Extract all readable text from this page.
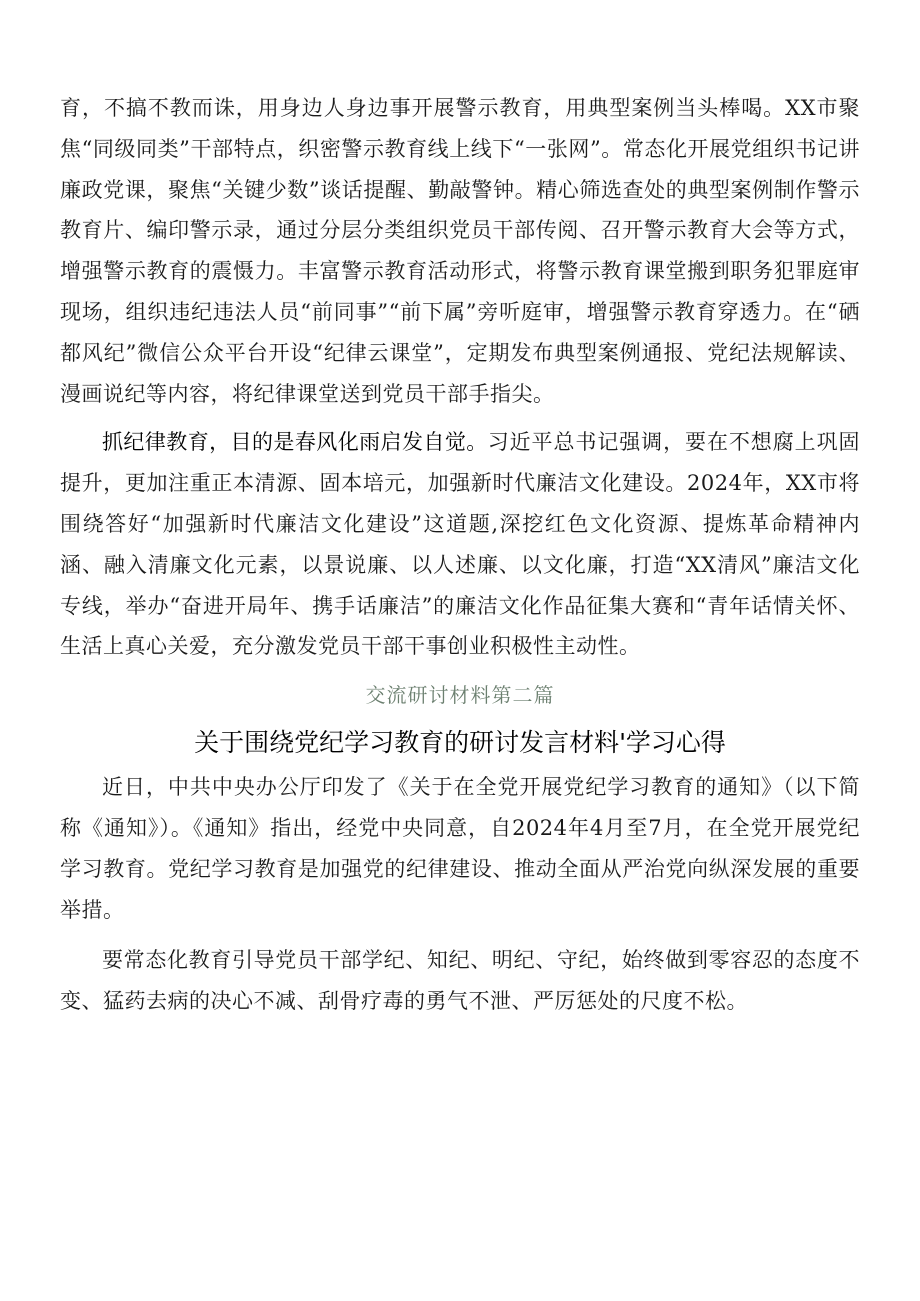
育，不搞不教而诛，用身边人身边事开展警示教育，用典型案例当头棒喝。XX市聚焦“同级同类”干部特点，织密警示教育线上线下“一张网”。常态化开展党组织书记讲廉政党课，聚焦“关键少数”谈话提醒、勤敲警钟。精心筛选查处的典型案例制作警示教育片、编印警示录，通过分层分类组织党员干部传阅、召开警示教育大会等方式，增强警示教育的震慑力。丰富警示教育活动形式，将警示教育课堂搬到职务犯罪庭审现场，组织违纪违法人员“前同事”“前下属”旁听庭审，增强警示教育穿透力。在“硒都风纪”微信公众平台开设“纪律云课堂”，定期发布典型案例通报、党纪法规解读、漫画说纪等内容，将纪律课堂送到党员干部手指尖。

抓纪律教育，目的是春风化雨启发自觉。习近平总书记强调，要在不想腐上巩固提升，更加注重正本清源、固本培元，加强新时代廉洁文化建设。2024年，XX市将围绕答好“加强新时代廉洁文化建设”这道题,深挖红色文化资源、提炼革命精神内涵、融入清廉文化元素，以景说廉、以人述廉、以文化廉，打造“XX清风”廉洁文化专线，举办“奋进开局年、携手话廉洁”的廉洁文化作品征集大赛和“青年话情关怀、生活上真心关爱，充分激发党员干部干事创业积极性主动性。

交流研讨材料第二篇
关于围绕党纪学习教育的研讨发言材料'学习心得

近日，中共中央办公厅印发了《关于在全党开展党纪学习教育的通知》（以下简称《通知》）。《通知》指出，经党中央同意，自2024年4月至7月，在全党开展党纪学习教育。党纪学习教育是加强党的纪律建设、推动全面从严治党向纵深发展的重要举措。

要常态化教育引导党员干部学纪、知纪、明纪、守纪，始终做到零容忍的态度不变、猛药去病的决心不减、刮骨疗毒的勇气不泄、严厉惩处的尺度不松。
